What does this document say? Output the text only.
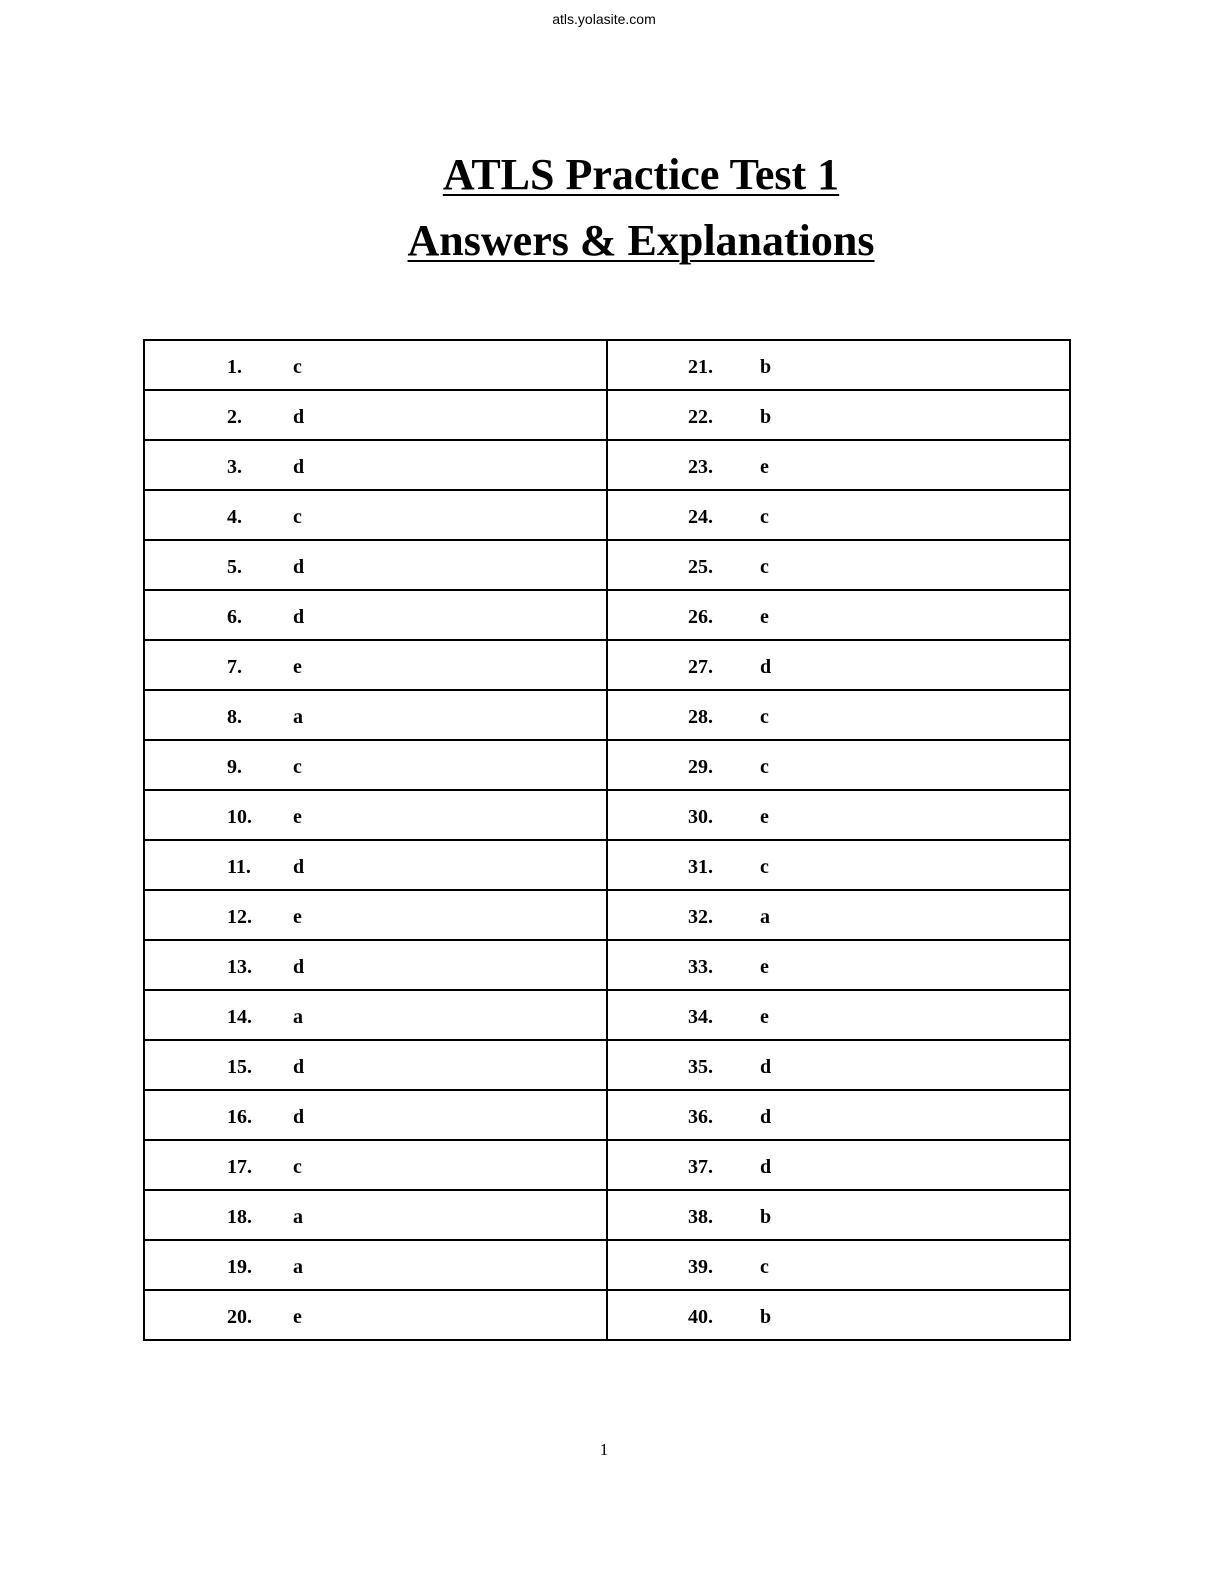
atls.yolasite.com
ATLS Practice Test 1
Answers & Explanations
1. c	21. b

2. d	22. b

3. d	23. e

4. c	24. c

5. d	25. c

6. d	26. e

7. e	27. d

8. a	28. c

9. c	29. c

10. e	30. e

11. d	31. c

12. e	32. a

13. d	33. e

14. a	34. e

15. d	35. d

16. d	36. d

17. c	37. d

18. a	38. b

19. a	39. c

20. e	40. b
1
